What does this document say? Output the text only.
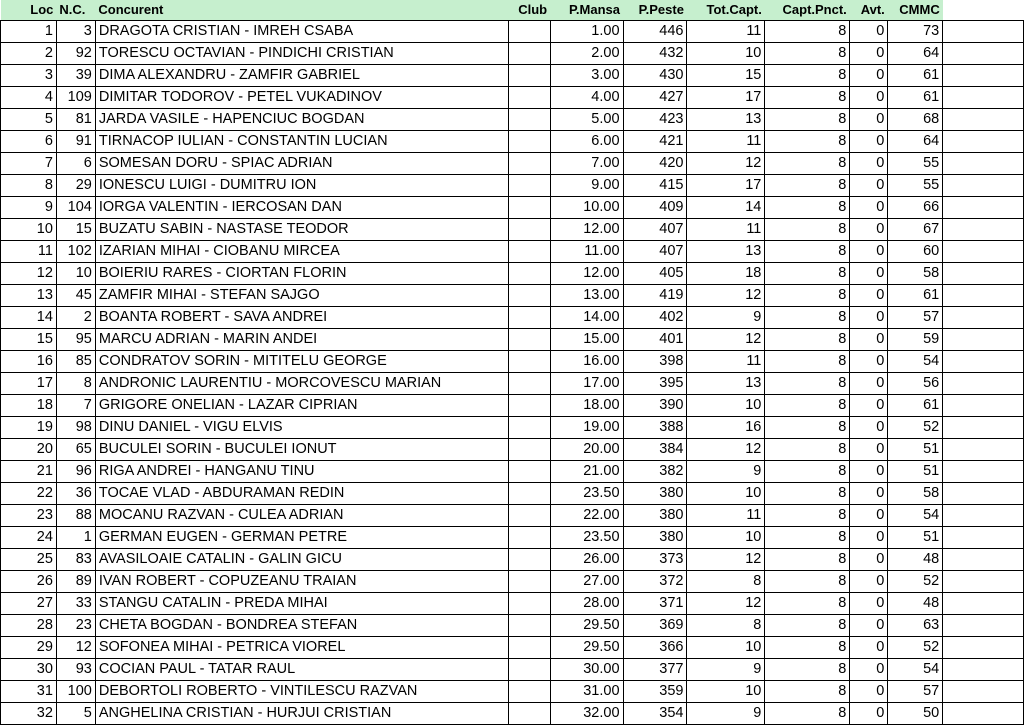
Loc	N.C.	Concurent	Club	P.Mansa	P.Peste	Tot.Capt.	Capt.Pnct.	Avt.	CMMC	
1	3	DRAGOTA CRISTIAN - IMREH CSABA		1.00	446	11	8	0	73	
2	92	TORESCU OCTAVIAN - PINDICHI CRISTIAN		2.00	432	10	8	0	64	
3	39	DIMA ALEXANDRU - ZAMFIR GABRIEL		3.00	430	15	8	0	61	
4	109	DIMITAR TODOROV - PETEL VUKADINOV		4.00	427	17	8	0	61	
5	81	JARDA VASILE - HAPENCIUC BOGDAN		5.00	423	13	8	0	68	
6	91	TIRNACOP IULIAN - CONSTANTIN LUCIAN		6.00	421	11	8	0	64	
7	6	SOMESAN DORU - SPIAC ADRIAN		7.00	420	12	8	0	55	
8	29	IONESCU LUIGI - DUMITRU ION		9.00	415	17	8	0	55	
9	104	IORGA VALENTIN - IERCOSAN DAN		10.00	409	14	8	0	66	
10	15	BUZATU SABIN - NASTASE TEODOR		12.00	407	11	8	0	67	
11	102	IZARIAN MIHAI - CIOBANU MIRCEA		11.00	407	13	8	0	60	
12	10	BOIERIU RARES - CIORTAN FLORIN		12.00	405	18	8	0	58	
13	45	ZAMFIR MIHAI - STEFAN SAJGO		13.00	419	12	8	0	61	
14	2	BOANTA ROBERT - SAVA ANDREI		14.00	402	9	8	0	57	
15	95	MARCU ADRIAN - MARIN ANDEI		15.00	401	12	8	0	59	
16	85	CONDRATOV SORIN - MITITELU GEORGE		16.00	398	11	8	0	54	
17	8	ANDRONIC LAURENTIU - MORCOVESCU MARIAN		17.00	395	13	8	0	56	
18	7	GRIGORE ONELIAN - LAZAR CIPRIAN		18.00	390	10	8	0	61	
19	98	DINU DANIEL - VIGU ELVIS		19.00	388	16	8	0	52	
20	65	BUCULEI SORIN - BUCULEI IONUT		20.00	384	12	8	0	51	
21	96	RIGA ANDREI - HANGANU TINU		21.00	382	9	8	0	51	
22	36	TOCAE VLAD - ABDURAMAN REDIN		23.50	380	10	8	0	58	
23	88	MOCANU RAZVAN - CULEA ADRIAN		22.00	380	11	8	0	54	
24	1	GERMAN EUGEN - GERMAN PETRE		23.50	380	10	8	0	51	
25	83	AVASILOAIE CATALIN - GALIN GICU		26.00	373	12	8	0	48	
26	89	IVAN ROBERT - COPUZEANU TRAIAN		27.00	372	8	8	0	52	
27	33	STANGU CATALIN - PREDA MIHAI		28.00	371	12	8	0	48	
28	23	CHETA BOGDAN - BONDREA STEFAN		29.50	369	8	8	0	63	
29	12	SOFONEA MIHAI - PETRICA VIOREL		29.50	366	10	8	0	52	
30	93	COCIAN PAUL - TATAR RAUL		30.00	377	9	8	0	54	
31	100	DEBORTOLI ROBERTO - VINTILESCU RAZVAN		31.00	359	10	8	0	57	
32	5	ANGHELINA CRISTIAN - HURJUI CRISTIAN		32.00	354	9	8	0	50	
